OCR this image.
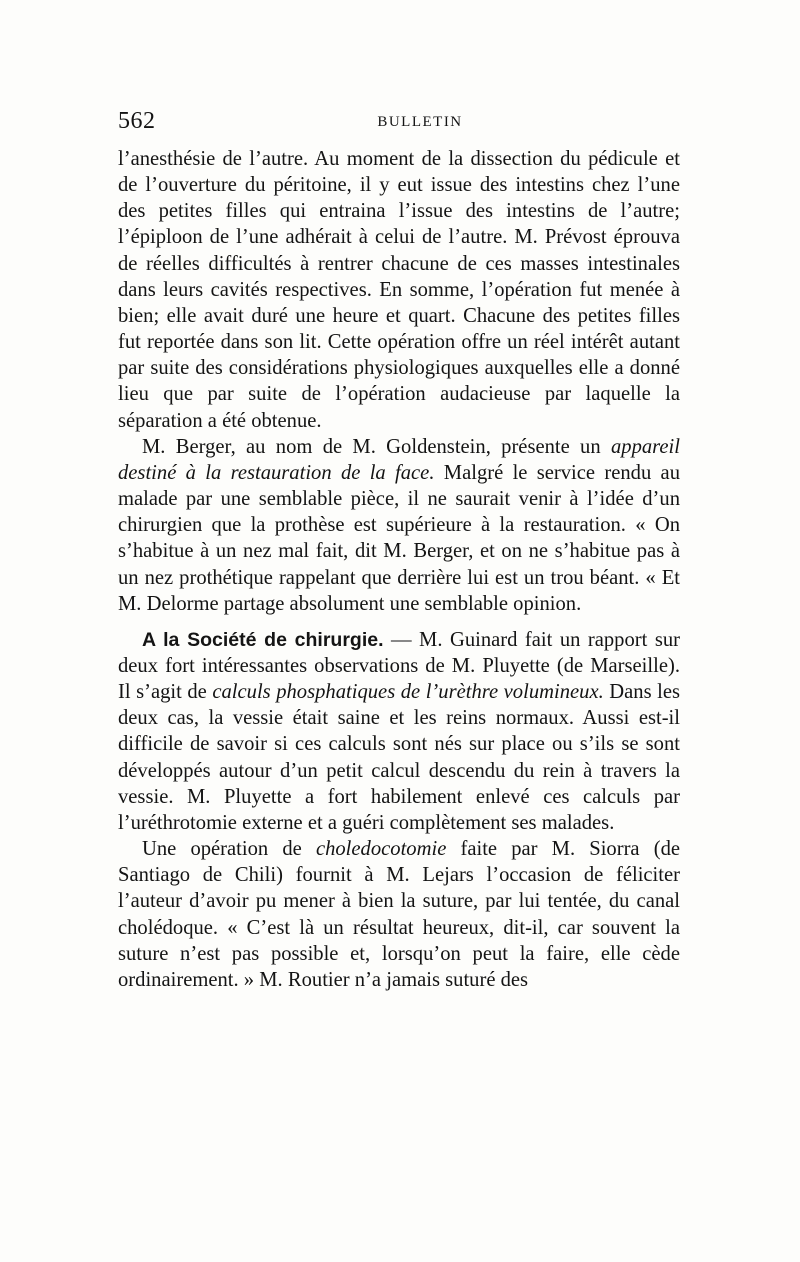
562	BULLETIN

l’anesthésie de l’autre. Au moment de la dissection du pédicule et de l’ouverture du péritoine, il y eut issue des intestins chez l’une des petites filles qui entraina l’issue des intestins de l’autre; l’épiploon de l’une adhérait à celui de l’autre. M. Prévost éprouva de réelles difficultés à rentrer chacune de ces masses intestinales dans leurs cavités respectives. En somme, l’opération fut menée à bien; elle avait duré une heure et quart. Chacune des petites filles fut reportée dans son lit. Cette opération offre un réel intérêt autant par suite des considérations physiologiques auxquelles elle a donné lieu que par suite de l’opération audacieuse par laquelle la séparation a été obtenue.

M. Berger, au nom de M. Goldenstein, présente un appareil destiné à la restauration de la face. Malgré le service rendu au malade par une semblable pièce, il ne saurait venir à l’idée d’un chirurgien que la prothèse est supérieure à la restauration. « On s’habitue à un nez mal fait, dit M. Berger, et on ne s’habitue pas à un nez prothétique rappelant que derrière lui est un trou béant. « Et M. Delorme partage absolument une semblable opinion.

A la Société de chirurgie. — M. Guinard fait un rapport sur deux fort intéressantes observations de M. Pluyette (de Marseille). Il s’agit de calculs phosphatiques de l’urèthre volumineux. Dans les deux cas, la vessie était saine et les reins normaux. Aussi est-il difficile de savoir si ces calculs sont nés sur place ou s’ils se sont développés autour d’un petit calcul descendu du rein à travers la vessie. M. Pluyette a fort habilement enlevé ces calculs par l’uréthrotomie externe et a guéri complètement ses malades.

Une opération de choledocotomie faite par M. Siorra (de Santiago de Chili) fournit à M. Lejars l’occasion de féliciter l’auteur d’avoir pu mener à bien la suture, par lui tentée, du canal cholédoque. « C’est là un résultat heureux, dit-il, car souvent la suture n’est pas possible et, lorsqu’on peut la faire, elle cède ordinairement. » M. Routier n’a jamais suturé des
